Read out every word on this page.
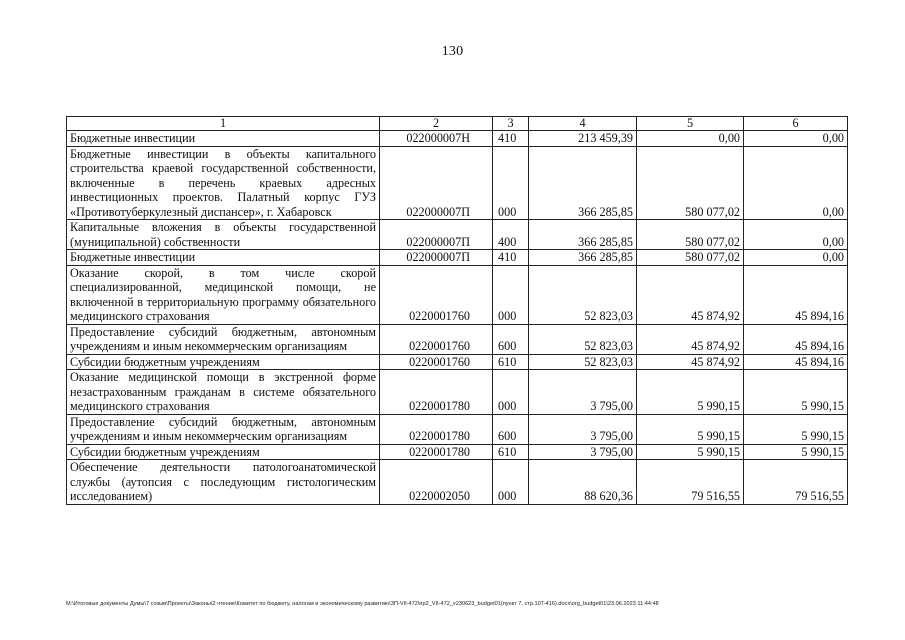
130
1	2	3	4	5	6
Бюджетные инвестиции	022000007Н	410	213 459,39	0,00	0,00
Бюджетные инвестиции в объекты капитального строительства краевой государственной собственности, включенные в перечень краевых адресных инвестиционных проектов. Палатный корпус ГУЗ «Противотуберкулезный диспансер», г. Хабаровск	022000007П	000	366 285,85	580 077,02	0,00
Капитальные вложения в объекты государственной (муниципальной) собственности	022000007П	400	366 285,85	580 077,02	0,00
Бюджетные инвестиции	022000007П	410	366 285,85	580 077,02	0,00
Оказание скорой, в том числе скорой специализированной, медицинской помощи, не включенной в территориальную программу обязательного медицинского страхования	0220001760	000	52 823,03	45 874,92	45 894,16
Предоставление субсидий бюджетным, автономным учреждениям и иным некоммерческим организациям	0220001760	600	52 823,03	45 874,92	45 894,16
Субсидии бюджетным учреждениям	0220001760	610	52 823,03	45 874,92	45 894,16
Оказание медицинской помощи в экстренной форме незастрахованным гражданам в системе обязательного медицинского страхования	0220001780	000	3 795,00	5 990,15	5 990,15
Предоставление субсидий бюджетным, автономным учреждениям и иным некоммерческим организациям	0220001780	600	3 795,00	5 990,15	5 990,15
Субсидии бюджетным учреждениям	0220001780	610	3 795,00	5 990,15	5 990,15
Обеспечение деятельности патологоанатомической службы (аутопсия с последующим гистологическим исследованием)	0220002050	000	88 620,36	79 516,55	79 516,55
M:\Итоговые документы Думы\7 созыв\Проекты\Законы\2 чтение\Комитет по бюджету, налогам и экономическому развитию\ЗП-VII-472\пр2_VII-472_v230623_budget01(пункт 7, стр.107-416).docx\org_budget01\23.06.2023 11:44:48
